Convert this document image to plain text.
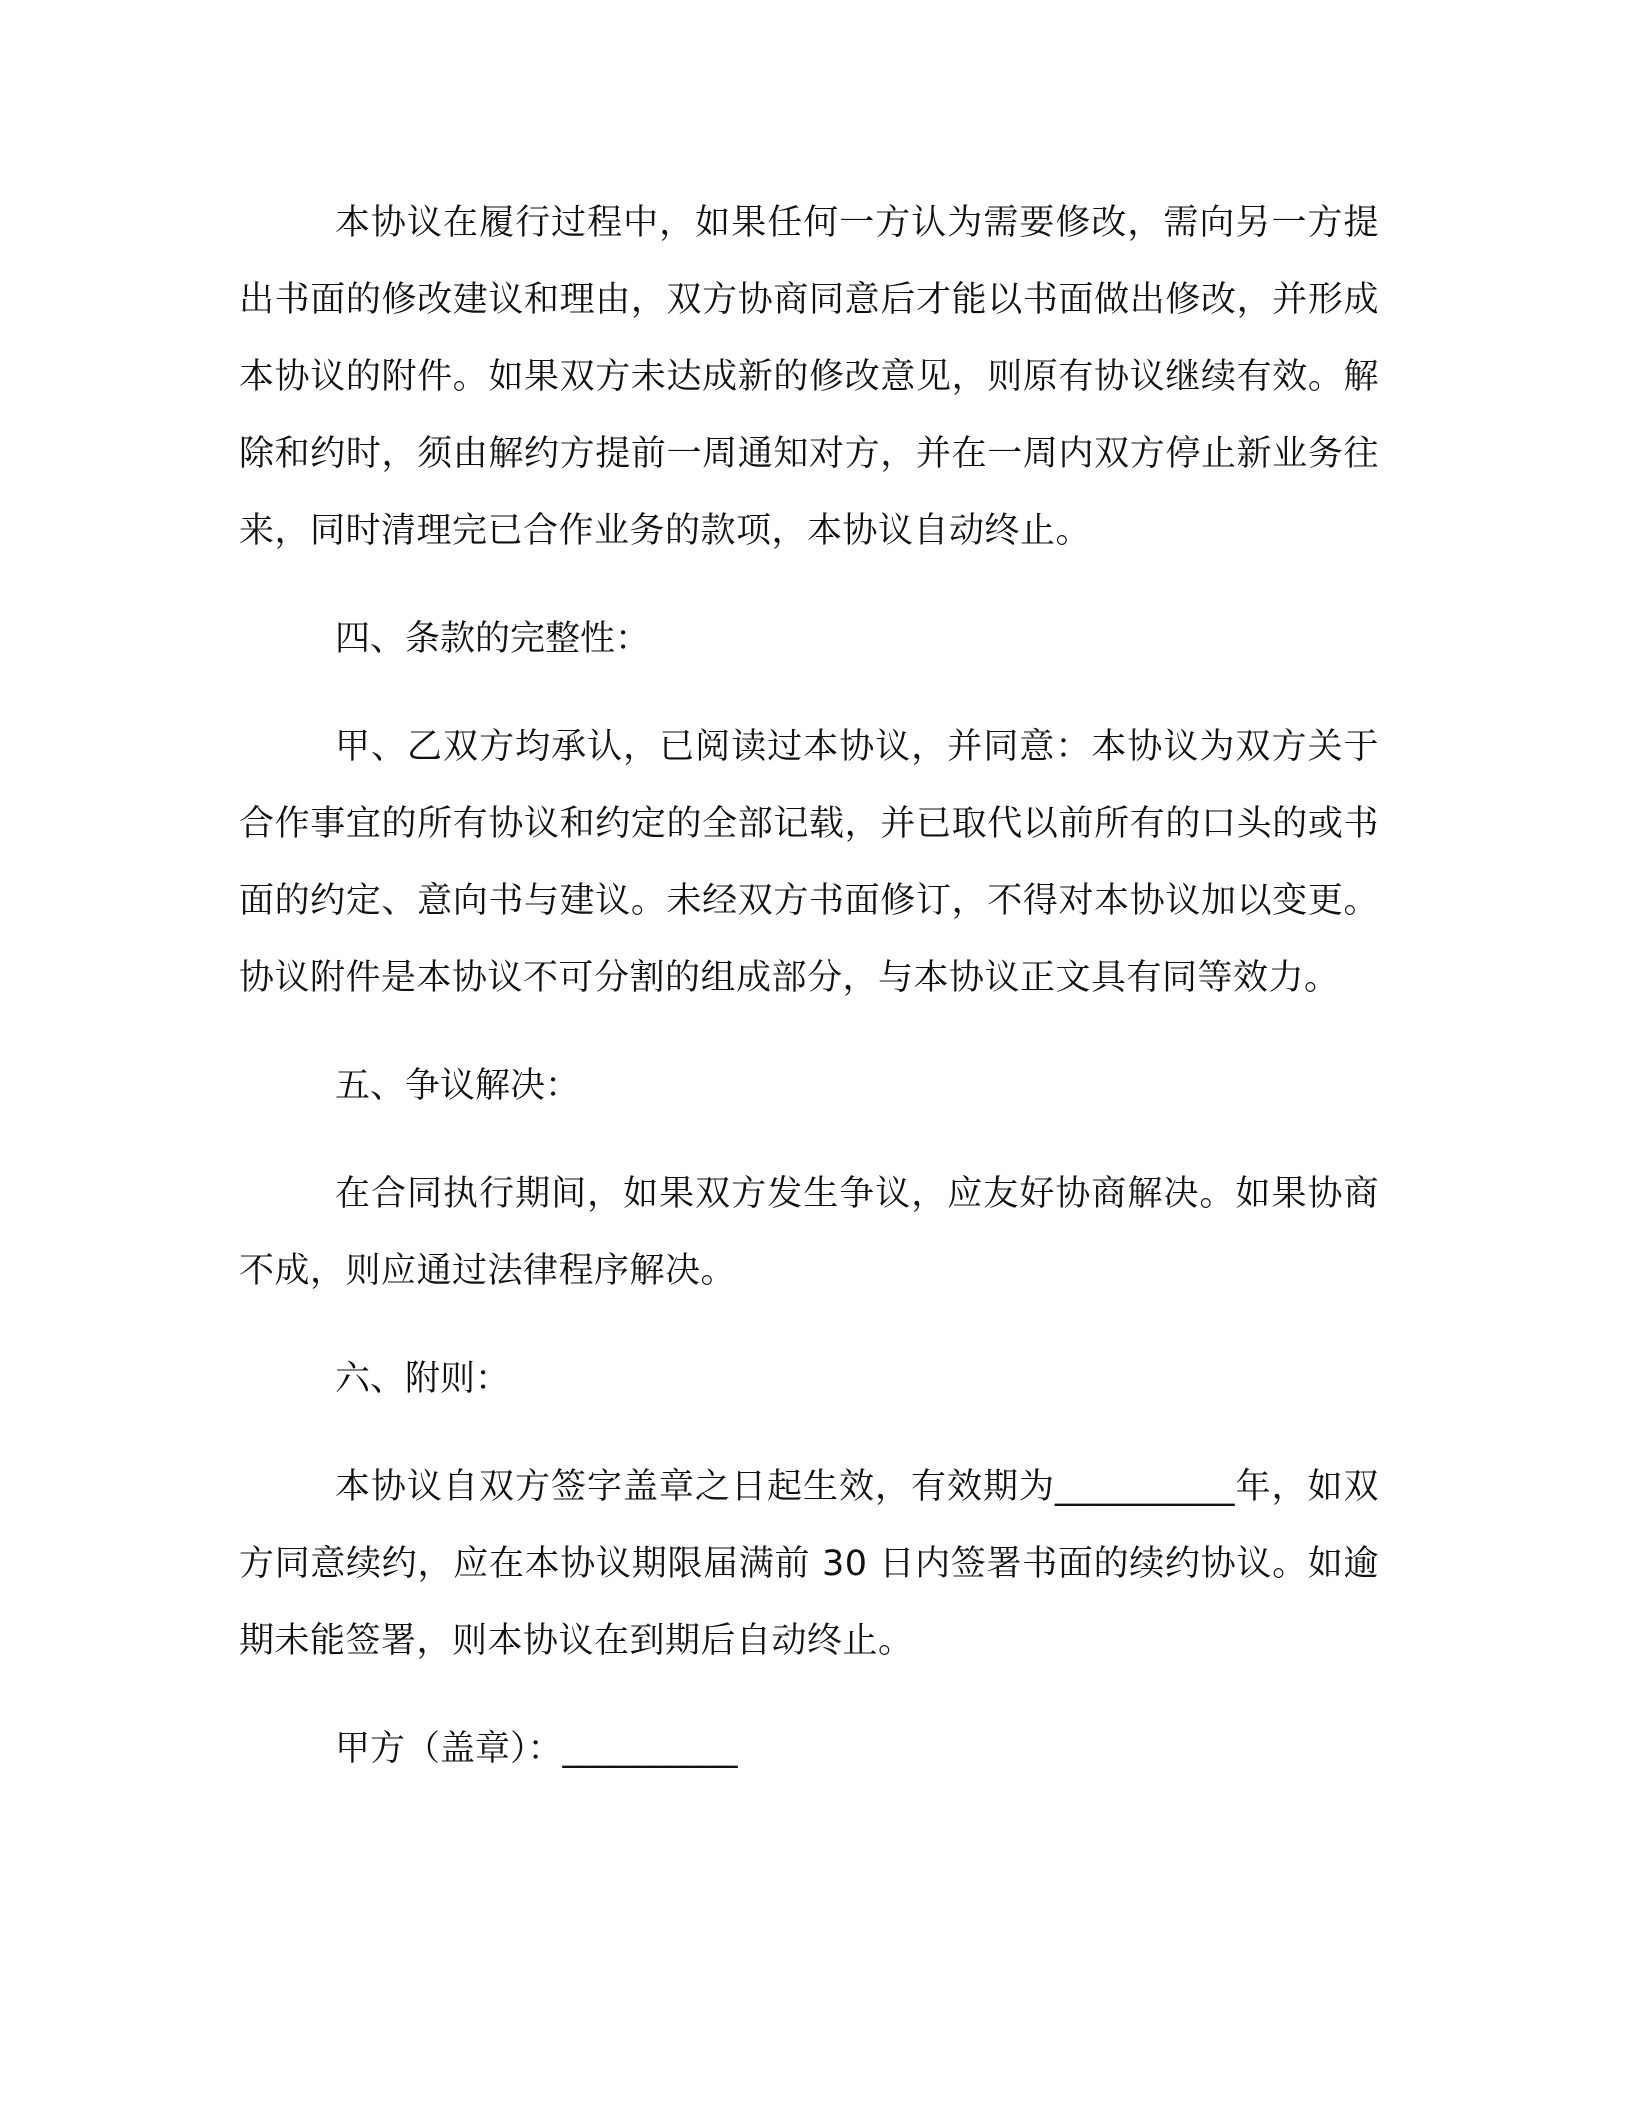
本协议在履行过程中，如果任何一方认为需要修改，需向另一方提出书面的修改建议和理由，双方协商同意后才能以书面做出修改，并形成本协议的附件。如果双方未达成新的修改意见，则原有协议继续有效。解除和约时，须由解约方提前一周通知对方，并在一周内双方停止新业务往来，同时清理完已合作业务的款项，本协议自动终止。

四、条款的完整性：

甲、乙双方均承认，已阅读过本协议，并同意：本协议为双方关于合作事宜的所有协议和约定的全部记载，并已取代以前所有的口头的或书面的约定、意向书与建议。未经双方书面修订，不得对本协议加以变更。协议附件是本协议不可分割的组成部分，与本协议正文具有同等效力。

五、争议解决：

在合同执行期间，如果双方发生争议，应友好协商解决。如果协商不成，则应通过法律程序解决。

六、附则：

本协议自双方签字盖章之日起生效，有效期为__________年，如双方同意续约，应在本协议期限届满前 30 日内签署书面的续约协议。如逾期未能签署，则本协议在到期后自动终止。

甲方（盖章）：__________
